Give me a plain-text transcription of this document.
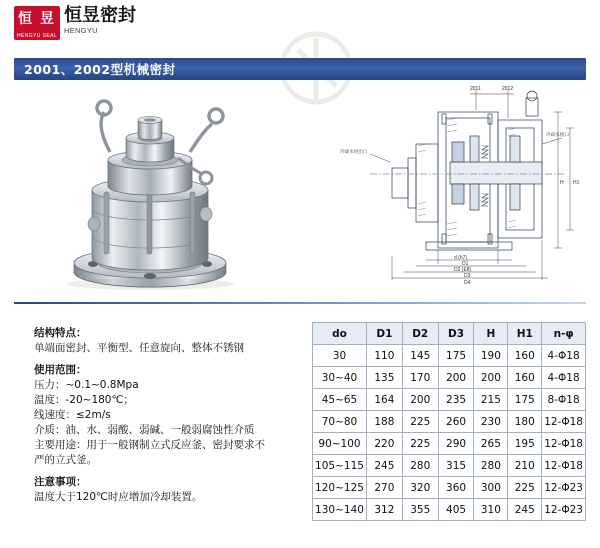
恒 昱
HENGYU SEAL
恒昱密封
HENGYU
2001、2002型机械密封
2011	2012
冷却水进出口
冷却水接口
d (h7)
D1
D2 (E8)
D3
D4
H H1

结构特点：

单端面密封、平衡型、任意旋向、整体不锈钢

使用范围：

压力：~0.1~0.8Mpa

温度：-20~180℃；

线速度：≤2m/s

介质：油、水、弱酸、弱碱、一般弱腐蚀性介质

主要用途：用于一般钢制立式反应釜、密封要求不

严的立式釜。

注意事项：

温度大于120℃时应增加冷却装置。

do	D1	D2	D3	H	H1	n-φ
30	110	145	175	190	160	4-Φ18
30~40	135	170	200	200	160	4-Φ18
45~65	164	200	235	215	175	8-Φ18
70~80	188	225	260	230	180	12-Φ18
90~100	220	225	290	265	195	12-Φ18
105~115	245	280	315	280	210	12-Φ18
120~125	270	320	360	300	225	12-Φ23
130~140	312	355	405	310	245	12-Φ23
